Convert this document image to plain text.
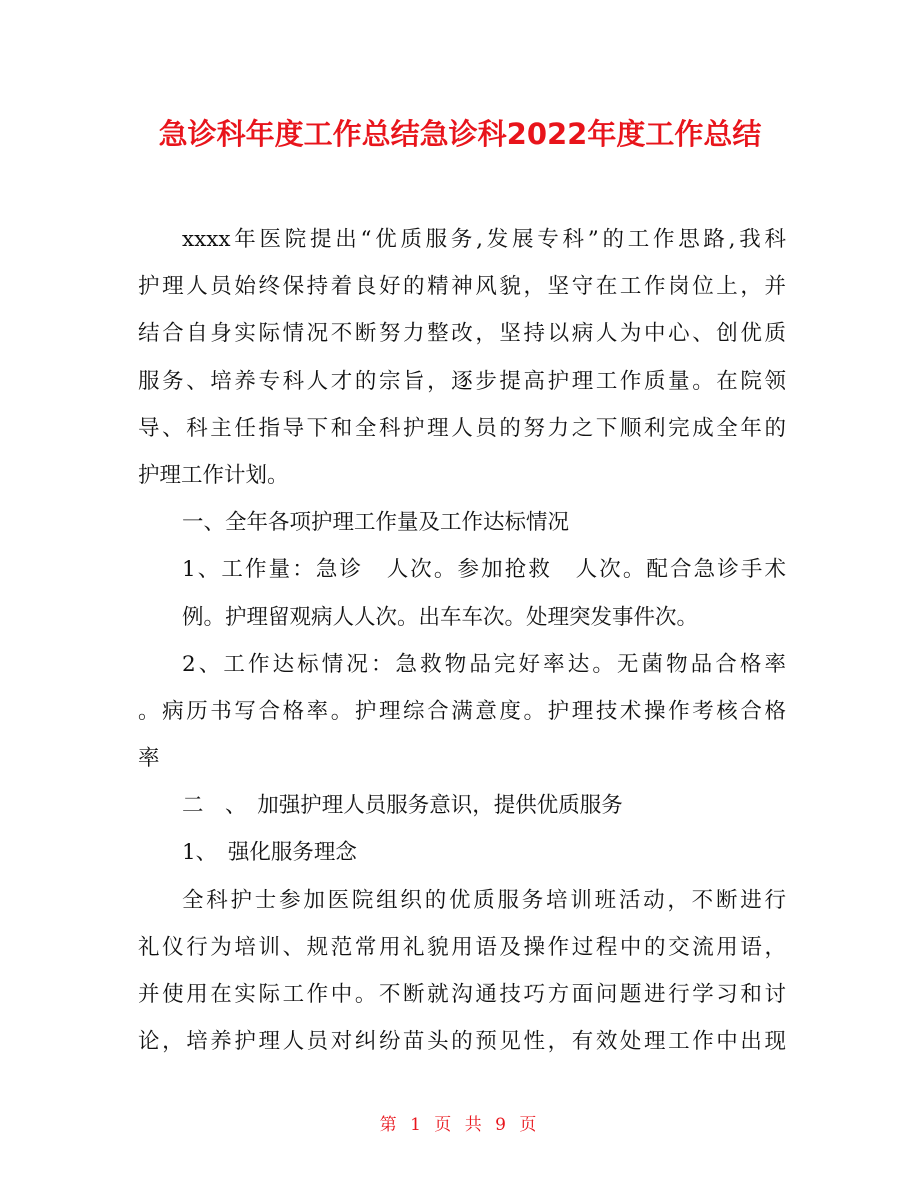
急诊科年度工作总结急诊科2022年度工作总结
xxxx年医院提出“优质服务,发展专科”的工作思路,我科
护理人员始终保持着良好的精神风貌，坚守在工作岗位上，并
结合自身实际情况不断努力整改，坚持以病人为中心、创优质
服务、培养专科人才的宗旨，逐步提高护理工作质量。在院领
导、科主任指导下和全科护理人员的努力之下顺利完成全年的
护理工作计划。
一、全年各项护理工作量及工作达标情况
1、工作量：急诊　人次。参加抢救　人次。配合急诊手术
例。护理留观病人人次。出车车次。处理突发事件次。
2、工作达标情况：急救物品完好率达。无菌物品合格率
。病历书写合格率。护理综合满意度。护理技术操作考核合格
率
二　、　加强护理人员服务意识，提供优质服务
1、　强化服务理念
全科护士参加医院组织的优质服务培训班活动，不断进行
礼仪行为培训、规范常用礼貌用语及操作过程中的交流用语，
并使用在实际工作中。不断就沟通技巧方面问题进行学习和讨
论，培养护理人员对纠纷苗头的预见性，有效处理工作中出现
第 1 页 共 9 页
